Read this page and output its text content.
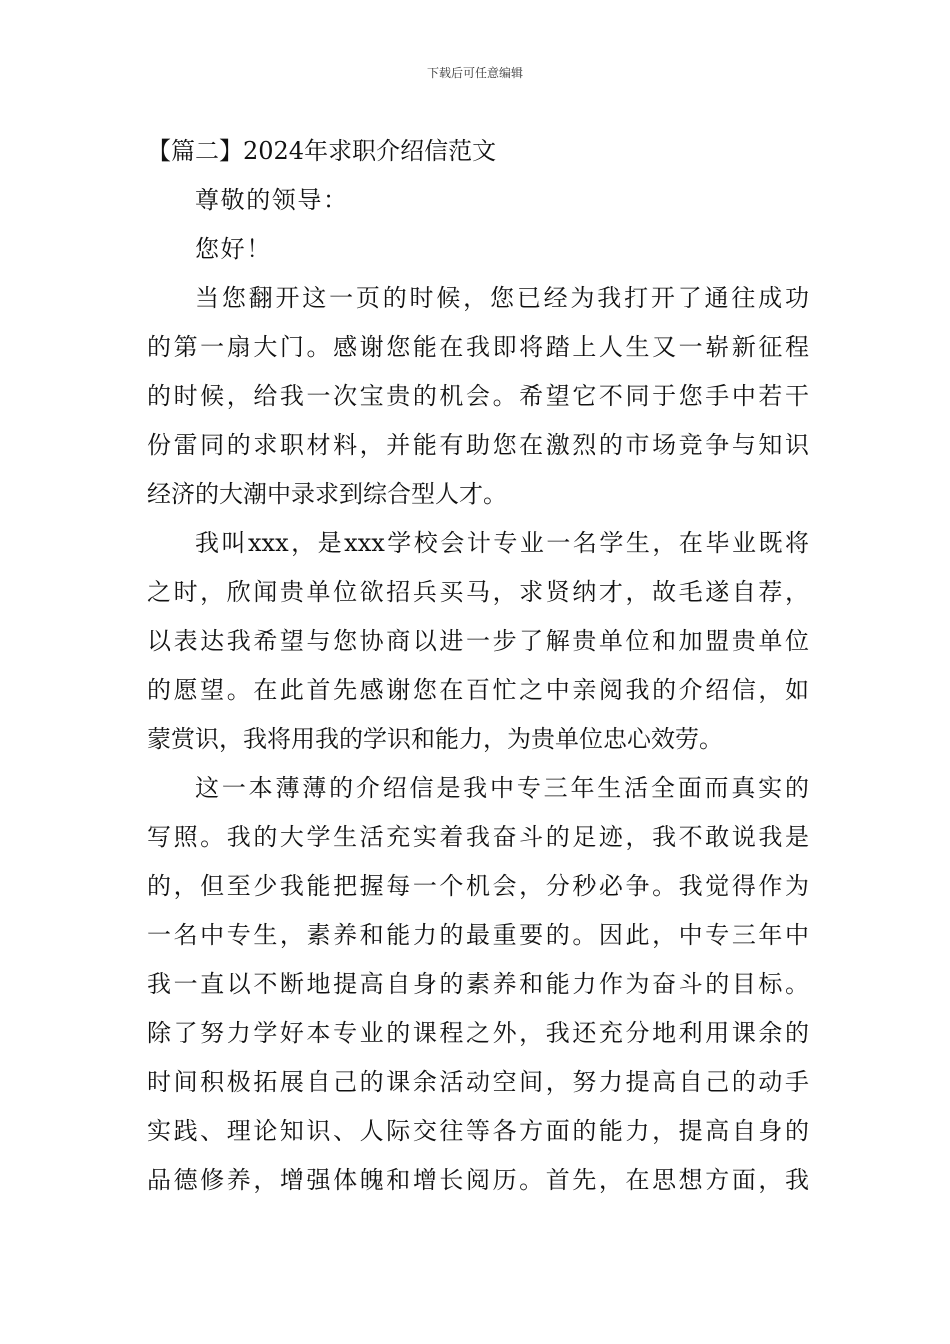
下载后可任意编辑
【篇二】2024年求职介绍信范文

尊敬的领导：

您好！

当您翻开这一页的时候，您已经为我打开了通往成功
的第一扇大门。感谢您能在我即将踏上人生又一崭新征程
的时候，给我一次宝贵的机会。希望它不同于您手中若干
份雷同的求职材料，并能有助您在激烈的市场竞争与知识
经济的大潮中录求到综合型人才。
我叫xxx，是xxx学校会计专业一名学生，在毕业既将
之时，欣闻贵单位欲招兵买马，求贤纳才，故毛遂自荐，
以表达我希望与您协商以进一步了解贵单位和加盟贵单位
的愿望。在此首先感谢您在百忙之中亲阅我的介绍信，如
蒙赏识，我将用我的学识和能力，为贵单位忠心效劳。
这一本薄薄的介绍信是我中专三年生活全面而真实的
写照。我的大学生活充实着我奋斗的足迹，我不敢说我是
的，但至少我能把握每一个机会，分秒必争。我觉得作为
一名中专生，素养和能力的最重要的。因此，中专三年中
我一直以不断地提高自身的素养和能力作为奋斗的目标。
除了努力学好本专业的课程之外，我还充分地利用课余的
时间积极拓展自己的课余活动空间，努力提高自己的动手
实践、理论知识、人际交往等各方面的能力，提高自身的
品德修养，增强体魄和增长阅历。首先，在思想方面，我
